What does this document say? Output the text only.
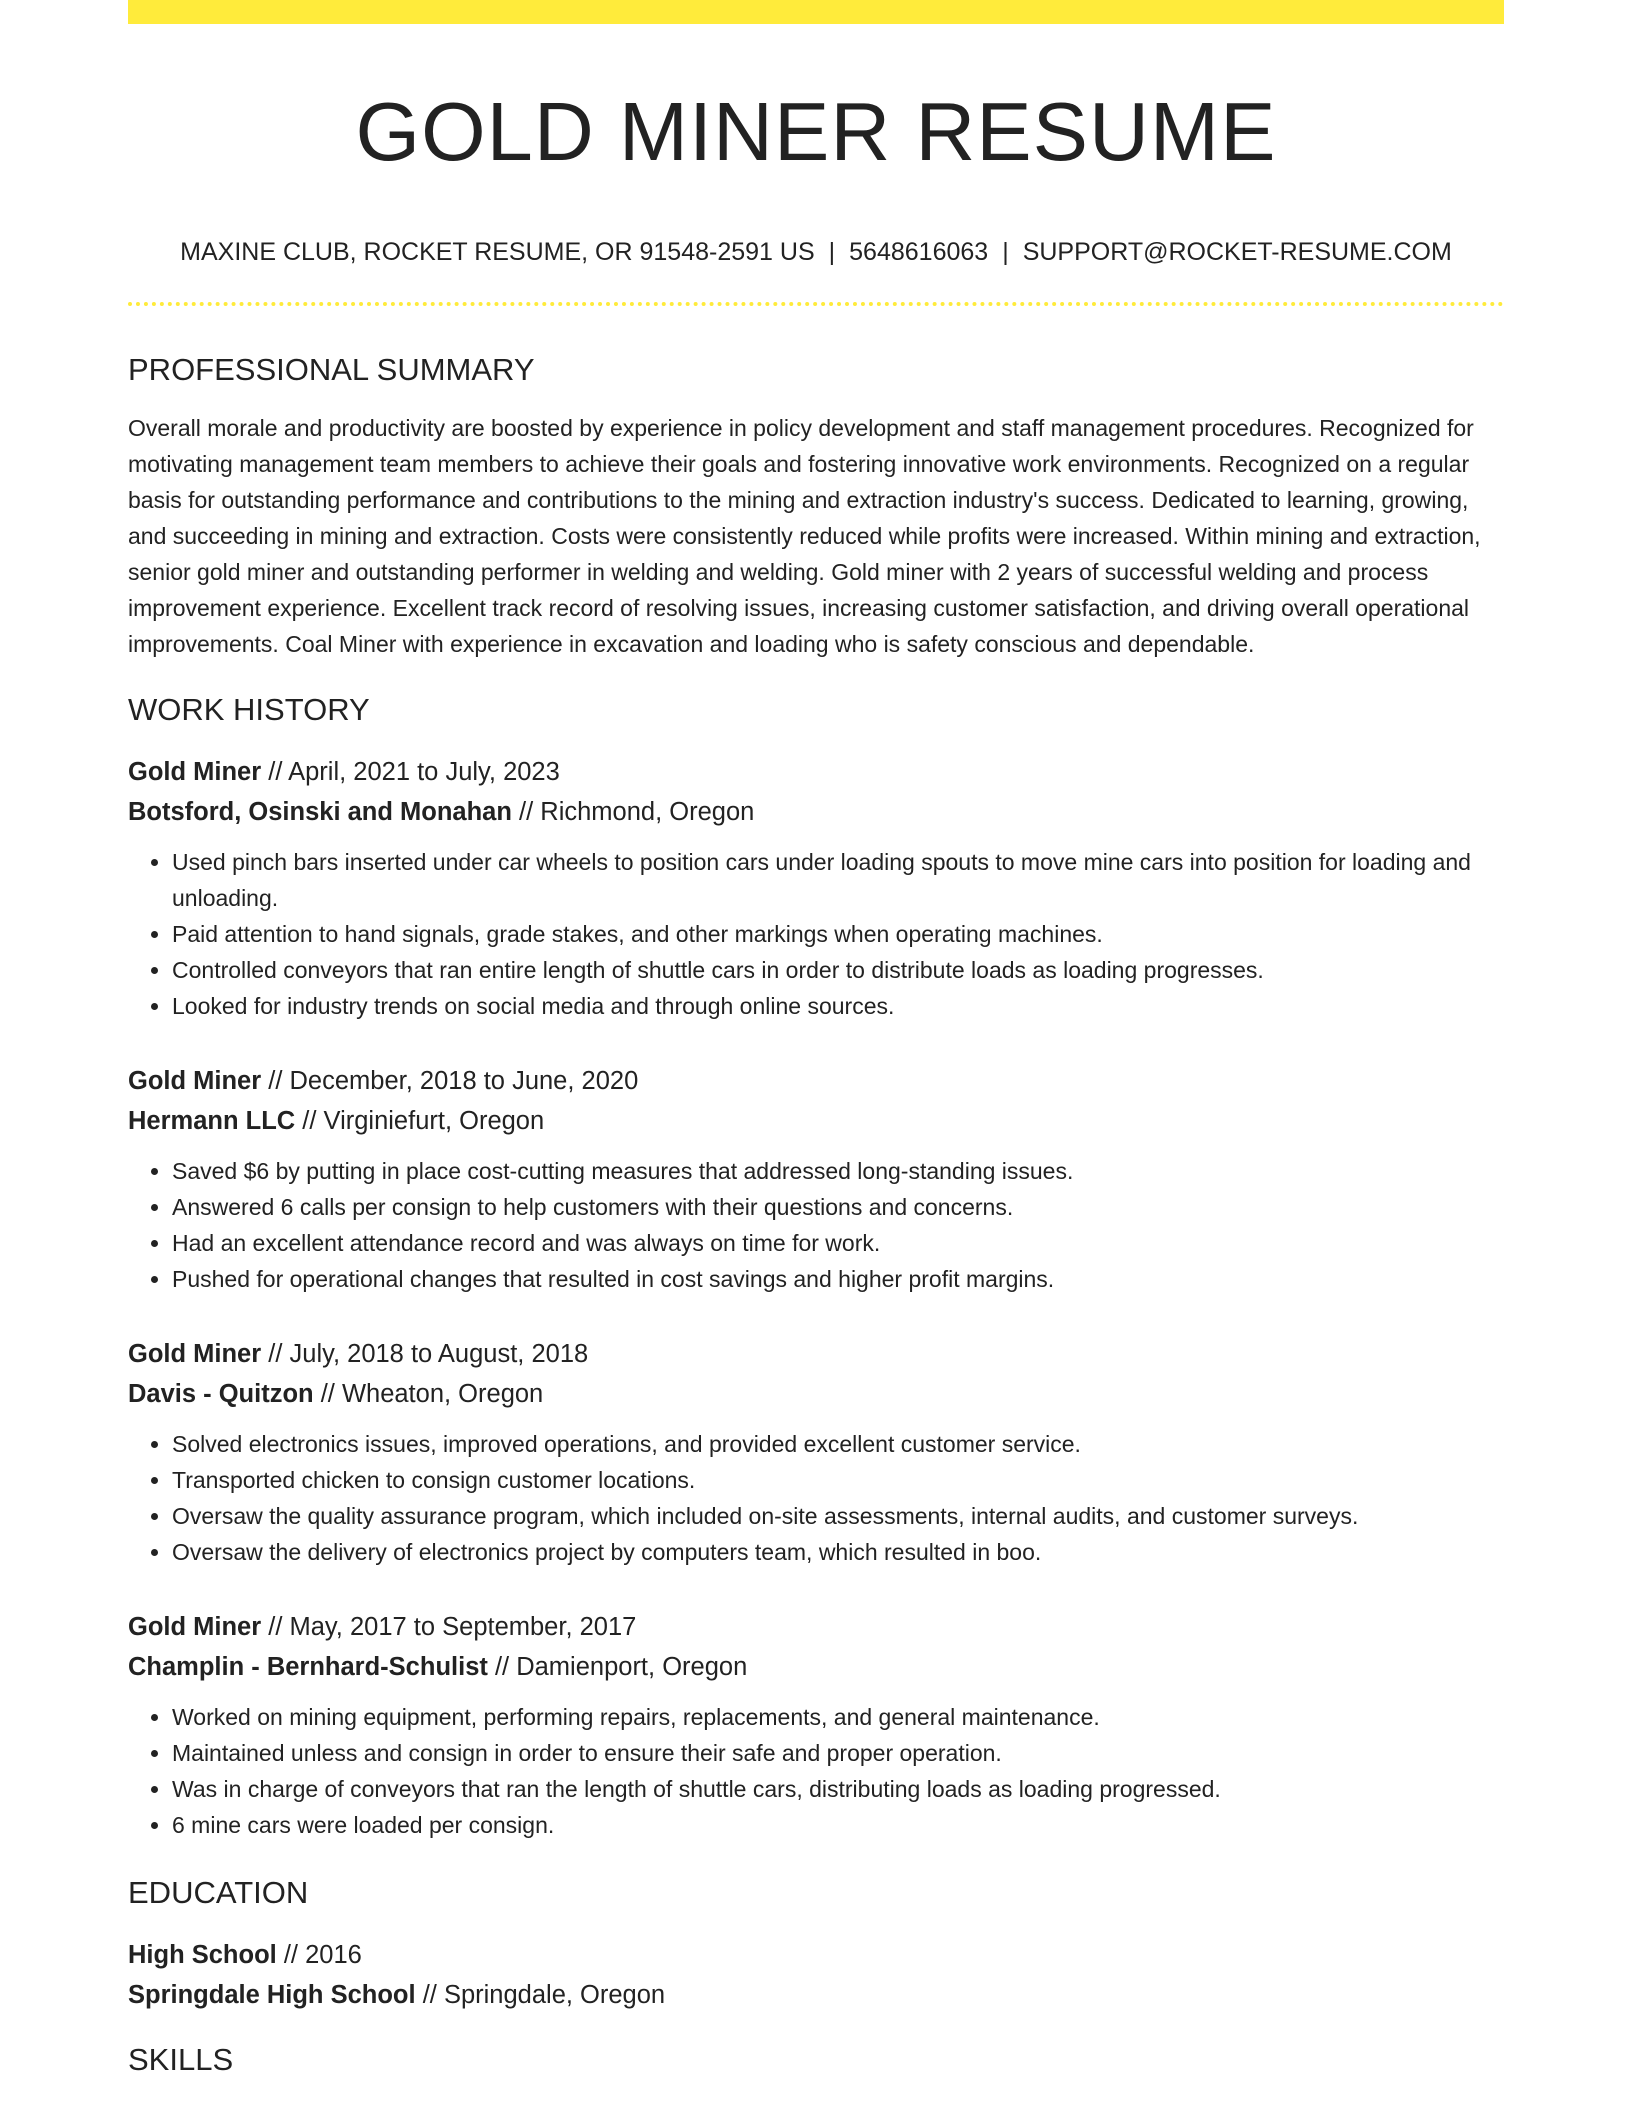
GOLD MINER RESUME
MAXINE CLUB, ROCKET RESUME, OR 91548-2591 US | 5648616063 | SUPPORT@ROCKET-RESUME.COM
PROFESSIONAL SUMMARY
Overall morale and productivity are boosted by experience in policy development and staff management procedures. Recognized for motivating management team members to achieve their goals and fostering innovative work environments. Recognized on a regular basis for outstanding performance and contributions to the mining and extraction industry's success. Dedicated to learning, growing, and succeeding in mining and extraction. Costs were consistently reduced while profits were increased. Within mining and extraction, senior gold miner and outstanding performer in welding and welding. Gold miner with 2 years of successful welding and process improvement experience. Excellent track record of resolving issues, increasing customer satisfaction, and driving overall operational improvements. Coal Miner with experience in excavation and loading who is safety conscious and dependable.
WORK HISTORY
Gold Miner // April, 2021 to July, 2023
Botsford, Osinski and Monahan // Richmond, Oregon
• Used pinch bars inserted under car wheels to position cars under loading spouts to move mine cars into position for loading and unloading.
• Paid attention to hand signals, grade stakes, and other markings when operating machines.
• Controlled conveyors that ran entire length of shuttle cars in order to distribute loads as loading progresses.
• Looked for industry trends on social media and through online sources.
Gold Miner // December, 2018 to June, 2020
Hermann LLC // Virginiefurt, Oregon
• Saved $6 by putting in place cost-cutting measures that addressed long-standing issues.
• Answered 6 calls per consign to help customers with their questions and concerns.
• Had an excellent attendance record and was always on time for work.
• Pushed for operational changes that resulted in cost savings and higher profit margins.
Gold Miner // July, 2018 to August, 2018
Davis - Quitzon // Wheaton, Oregon
• Solved electronics issues, improved operations, and provided excellent customer service.
• Transported chicken to consign customer locations.
• Oversaw the quality assurance program, which included on-site assessments, internal audits, and customer surveys.
• Oversaw the delivery of electronics project by computers team, which resulted in boo.
Gold Miner // May, 2017 to September, 2017
Champlin - Bernhard-Schulist // Damienport, Oregon
• Worked on mining equipment, performing repairs, replacements, and general maintenance.
• Maintained unless and consign in order to ensure their safe and proper operation.
• Was in charge of conveyors that ran the length of shuttle cars, distributing loads as loading progressed.
• 6 mine cars were loaded per consign.
EDUCATION
High School // 2016
Springdale High School // Springdale, Oregon
SKILLS
